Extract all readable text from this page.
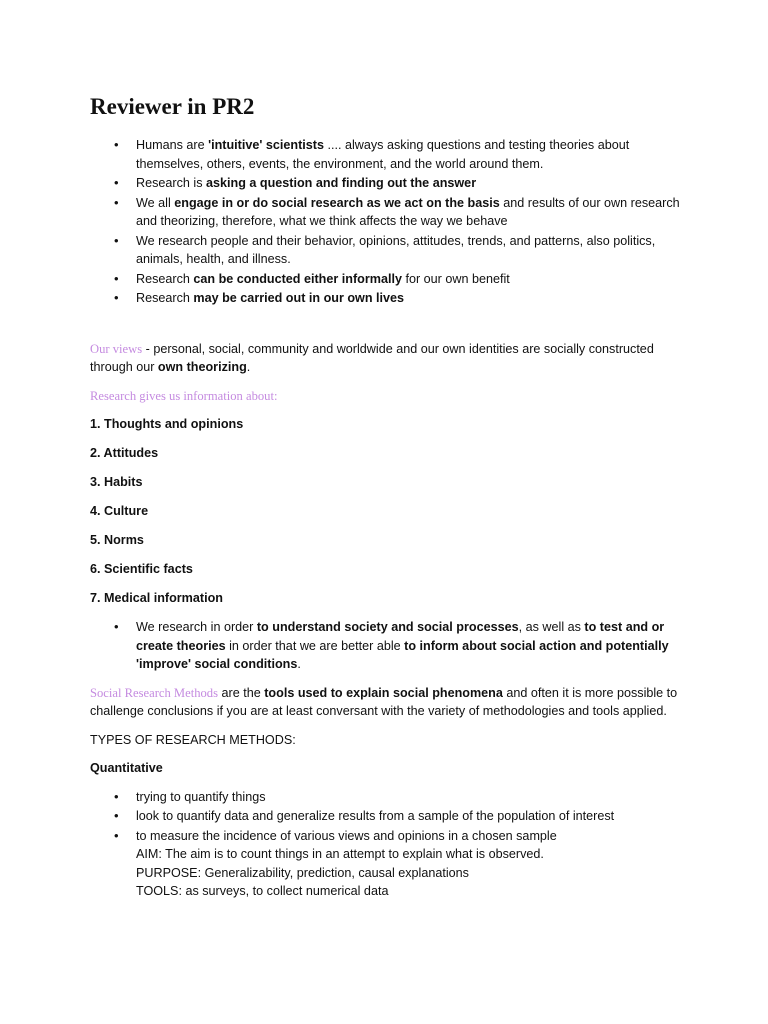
Reviewer in PR2
• Humans are 'intuitive' scientists .... always asking questions and testing theories about themselves, others, events, the environment, and the world around them.
• Research is asking a question and finding out the answer
• We all engage in or do social research as we act on the basis and results of our own research and theorizing, therefore, what we think affects the way we behave
• We research people and their behavior, opinions, attitudes, trends, and patterns, also politics, animals, health, and illness.
• Research can be conducted either informally for our own benefit
• Research may be carried out in our own lives

Our views - personal, social, community and worldwide and our own identities are socially constructed through our own theorizing.

Research gives us information about:

1. Thoughts and opinions
2. Attitudes
3. Habits
4. Culture
5. Norms
6. Scientific facts
7. Medical information
• We research in order to understand society and social processes, as well as to test and or create theories in order that we are better able to inform about social action and potentially 'improve' social conditions.

Social Research Methods are the tools used to explain social phenomena and often it is more possible to challenge conclusions if you are at least conversant with the variety of methodologies and tools applied.

TYPES OF RESEARCH METHODS:

Quantitative

• trying to quantify things
• look to quantify data and generalize results from a sample of the population of interest
• to measure the incidence of various views and opinions in a chosen sample
AIM: The aim is to count things in an attempt to explain what is observed.
PURPOSE: Generalizability, prediction, causal explanations
TOOLS: as surveys, to collect numerical data
